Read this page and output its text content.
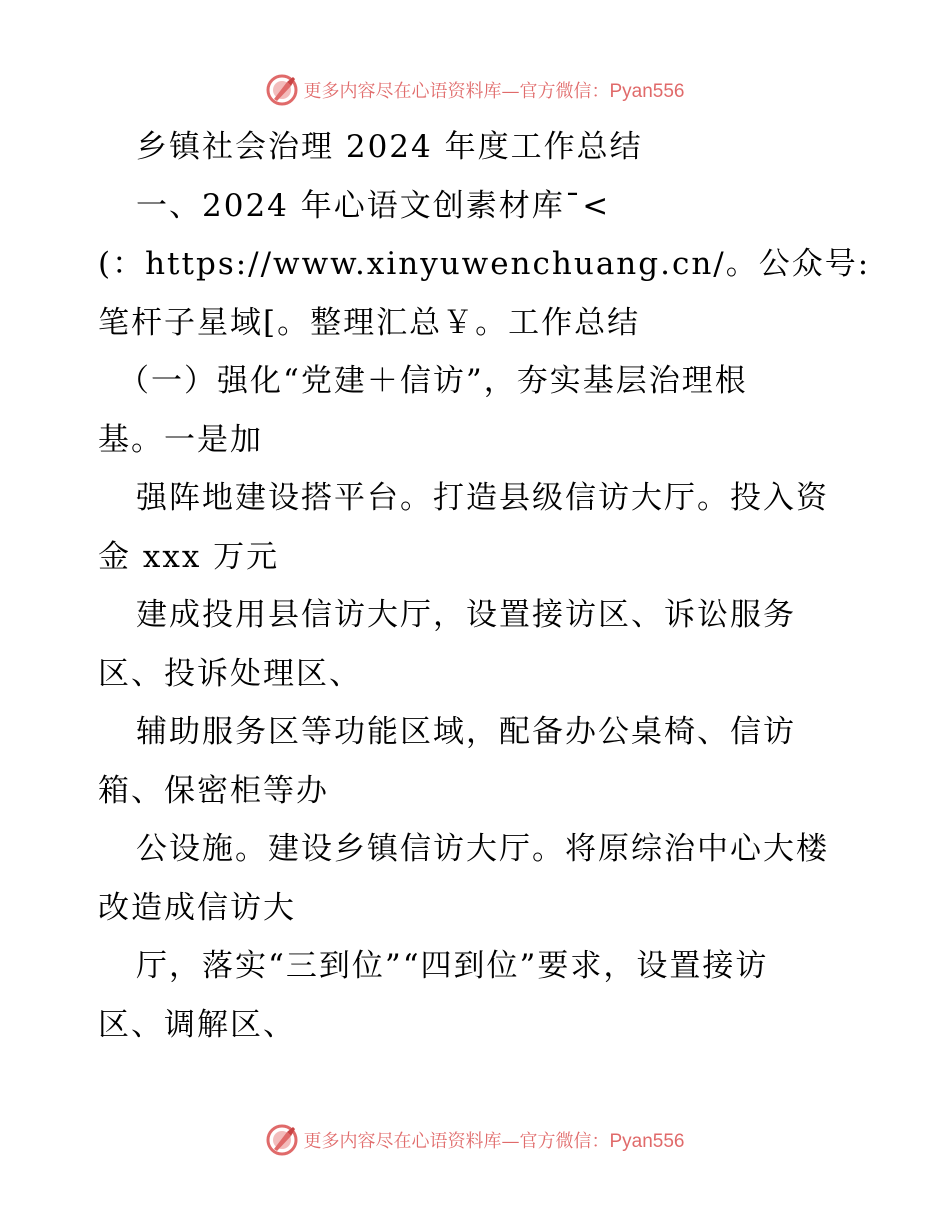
更多内容尽在心语资料库—官方微信：Pyan556
乡镇社会治理 2024 年度工作总结
一、2024 年心语文创素材库¯<
(：https://www.xinyuwenchuang.cn/。公众号:
笔杆子星域[。整理汇总￥。工作总结
（一）强化“党建＋信访”，夯实基层治理根
基。一是加
强阵地建设搭平台。打造县级信访大厅。投入资
金 xxx 万元
建成投用县信访大厅，设置接访区、诉讼服务
区、投诉处理区、
辅助服务区等功能区域，配备办公桌椅、信访
箱、保密柜等办
公设施。建设乡镇信访大厅。将原综治中心大楼
改造成信访大
厅，落实“三到位”“四到位”要求，设置接访
区、调解区、
更多内容尽在心语资料库—官方微信：Pyan556
